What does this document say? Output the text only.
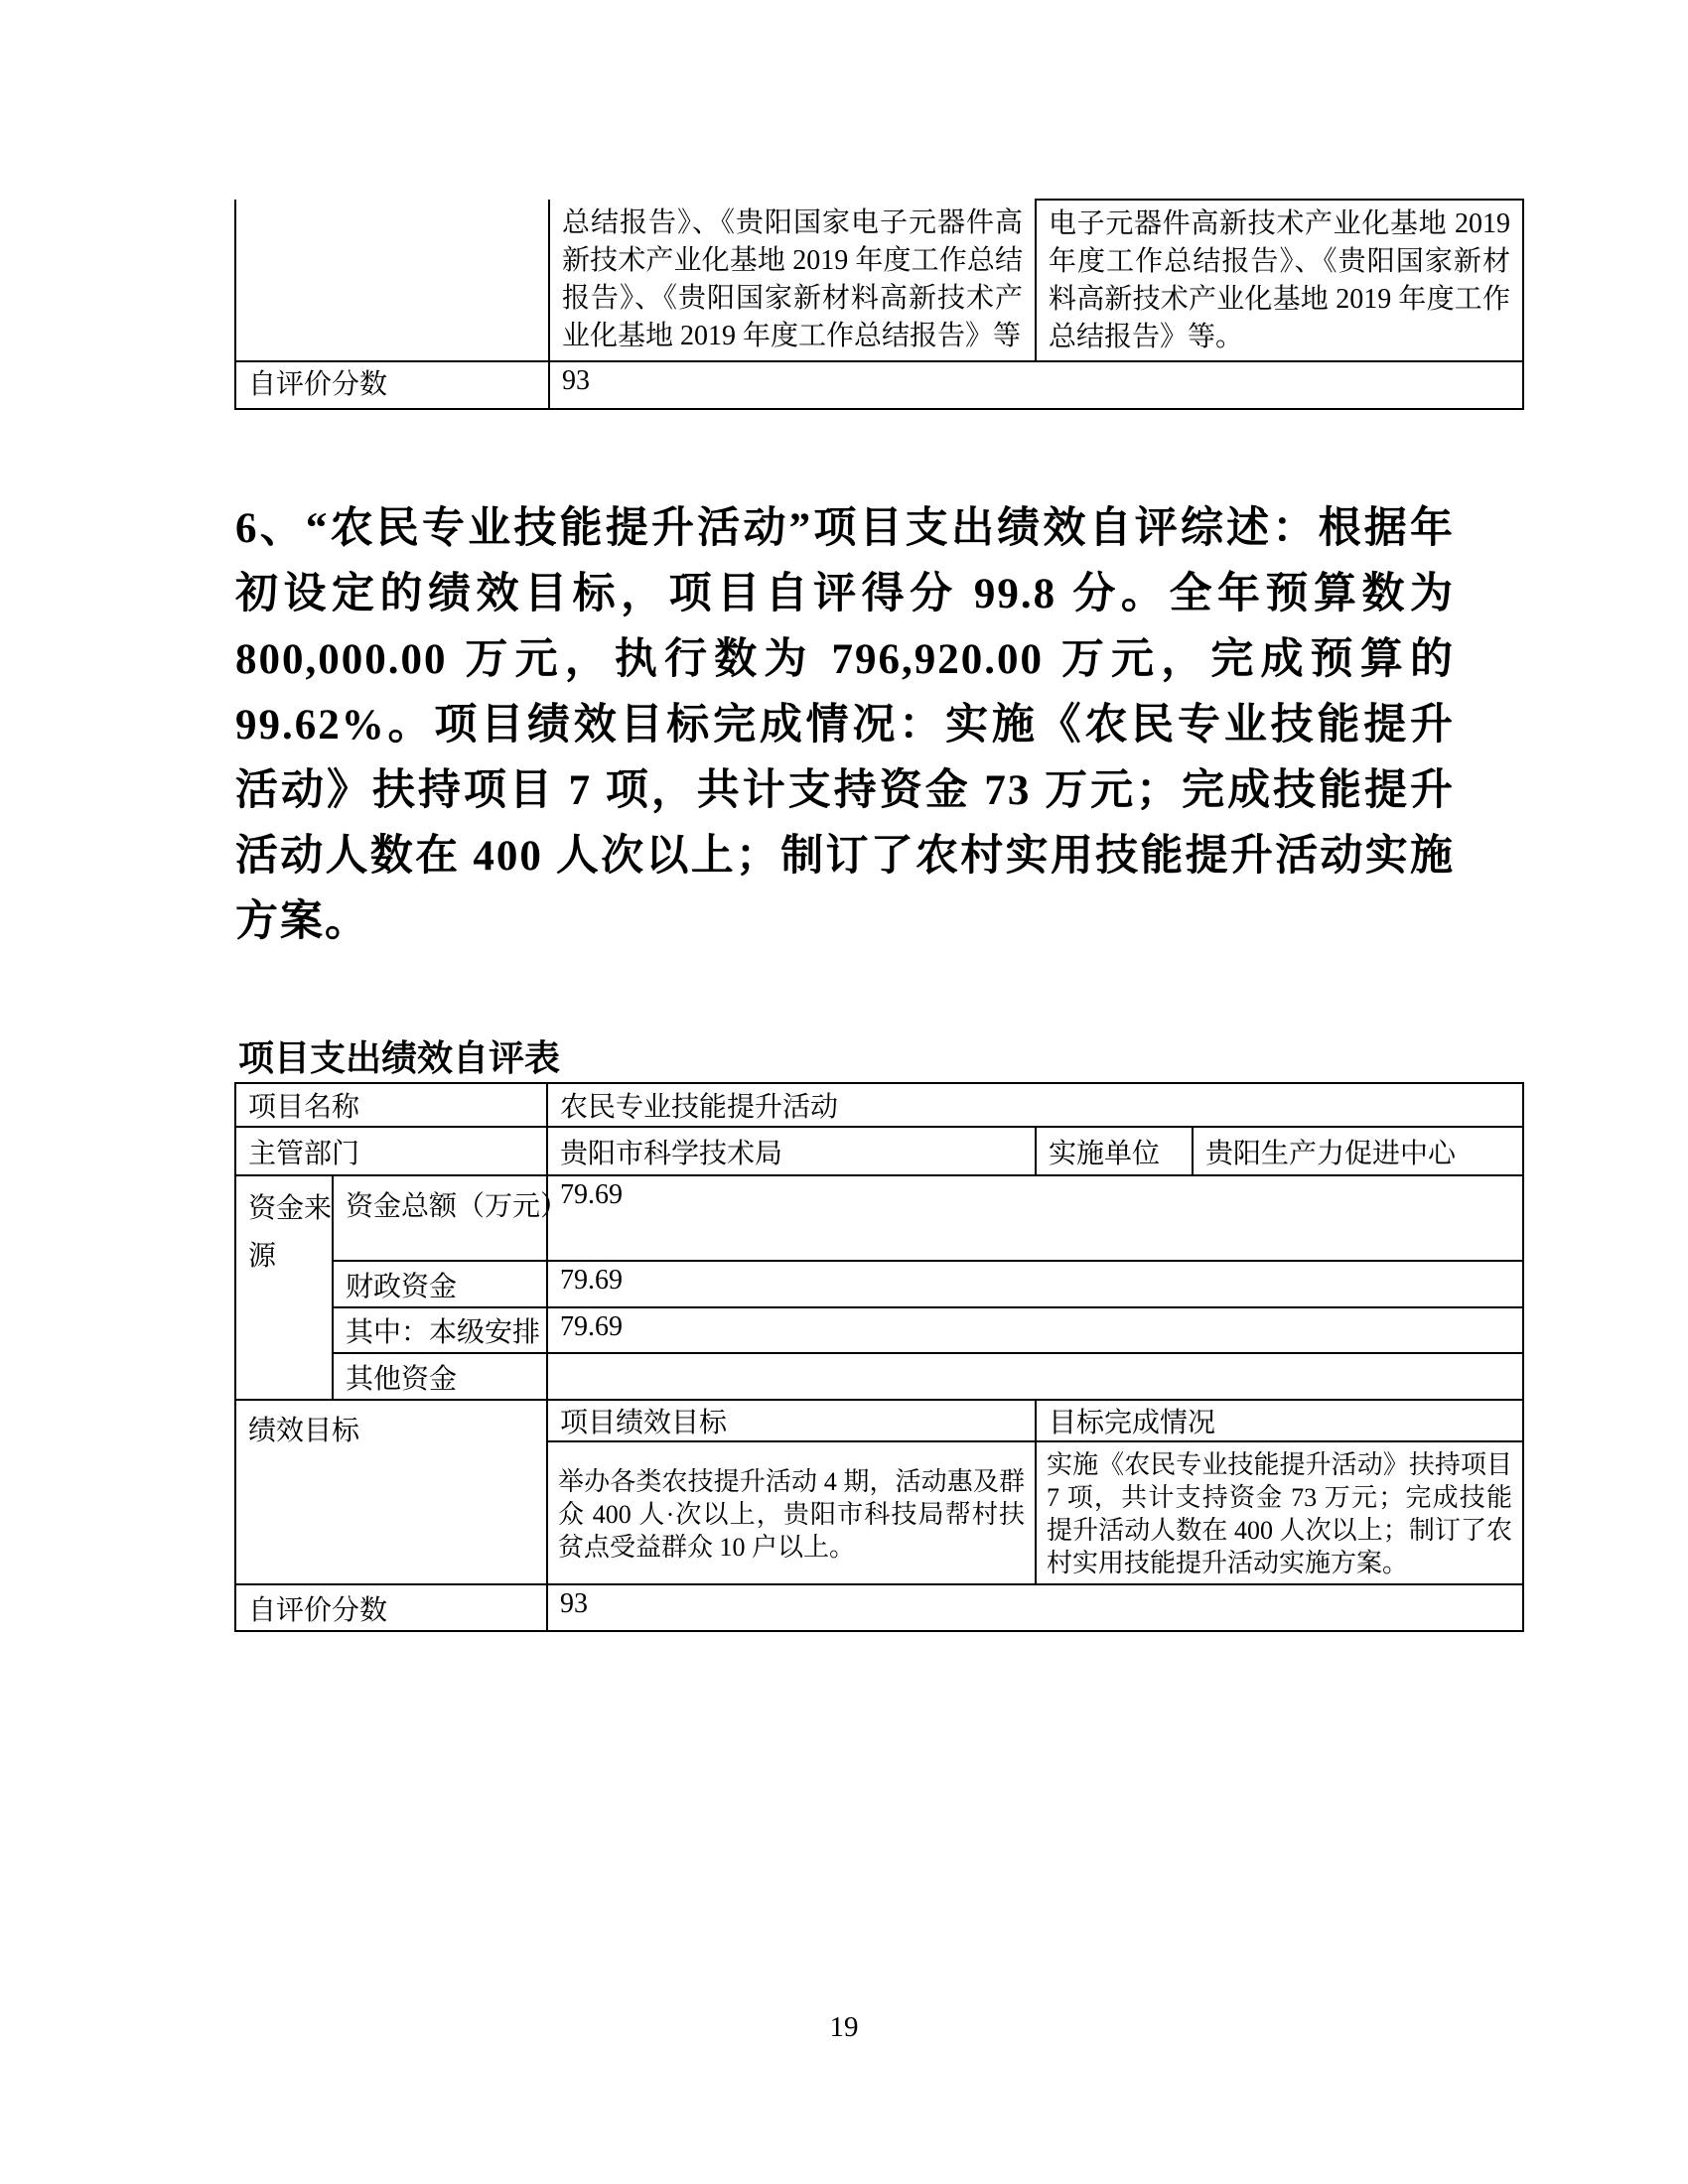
	总结报告》、《贵阳国家电子元器件高新技术产业化基地 2019 年度工作总结报告》、《贵阳国家新材料高新技术产业化基地 2019 年度工作总结报告》等	电子元器件高新技术产业化基地 2019 年度工作总结报告》、《贵阳国家新材料高新技术产业化基地 2019 年度工作总结报告》等。
自评价分数	93	
6、“农民专业技能提升活动”项目支出绩效自评综述：根据年初设定的绩效目标，项目自评得分 99.8 分。全年预算数为 800,000.00 万元，执行数为 796,920.00 万元，完成预算的 99.62%。项目绩效目标完成情况：实施《农民专业技能提升活动》扶持项目 7 项，共计支持资金 73 万元；完成技能提升活动人数在 400 人次以上；制订了农村实用技能提升活动实施方案。
项目支出绩效自评表
项目名称		农民专业技能提升活动		
主管部门		贵阳市科学技术局	实施单位	贵阳生产力促进中心
资金来源	资金总额（万元）	79.69		
	财政资金	79.69		
	其中：本级安排	79.69		
	其他资金			
绩效目标		项目绩效目标	目标完成情况	
		举办各类农技提升活动 4 期，活动惠及群众 400 人·次以上，贵阳市科技局帮村扶贫点受益群众 10 户以上。	实施《农民专业技能提升活动》扶持项目 7 项，共计支持资金 73 万元；完成技能提升活动人数在 400 人次以上；制订了农村实用技能提升活动实施方案。	
自评价分数		93		
19
